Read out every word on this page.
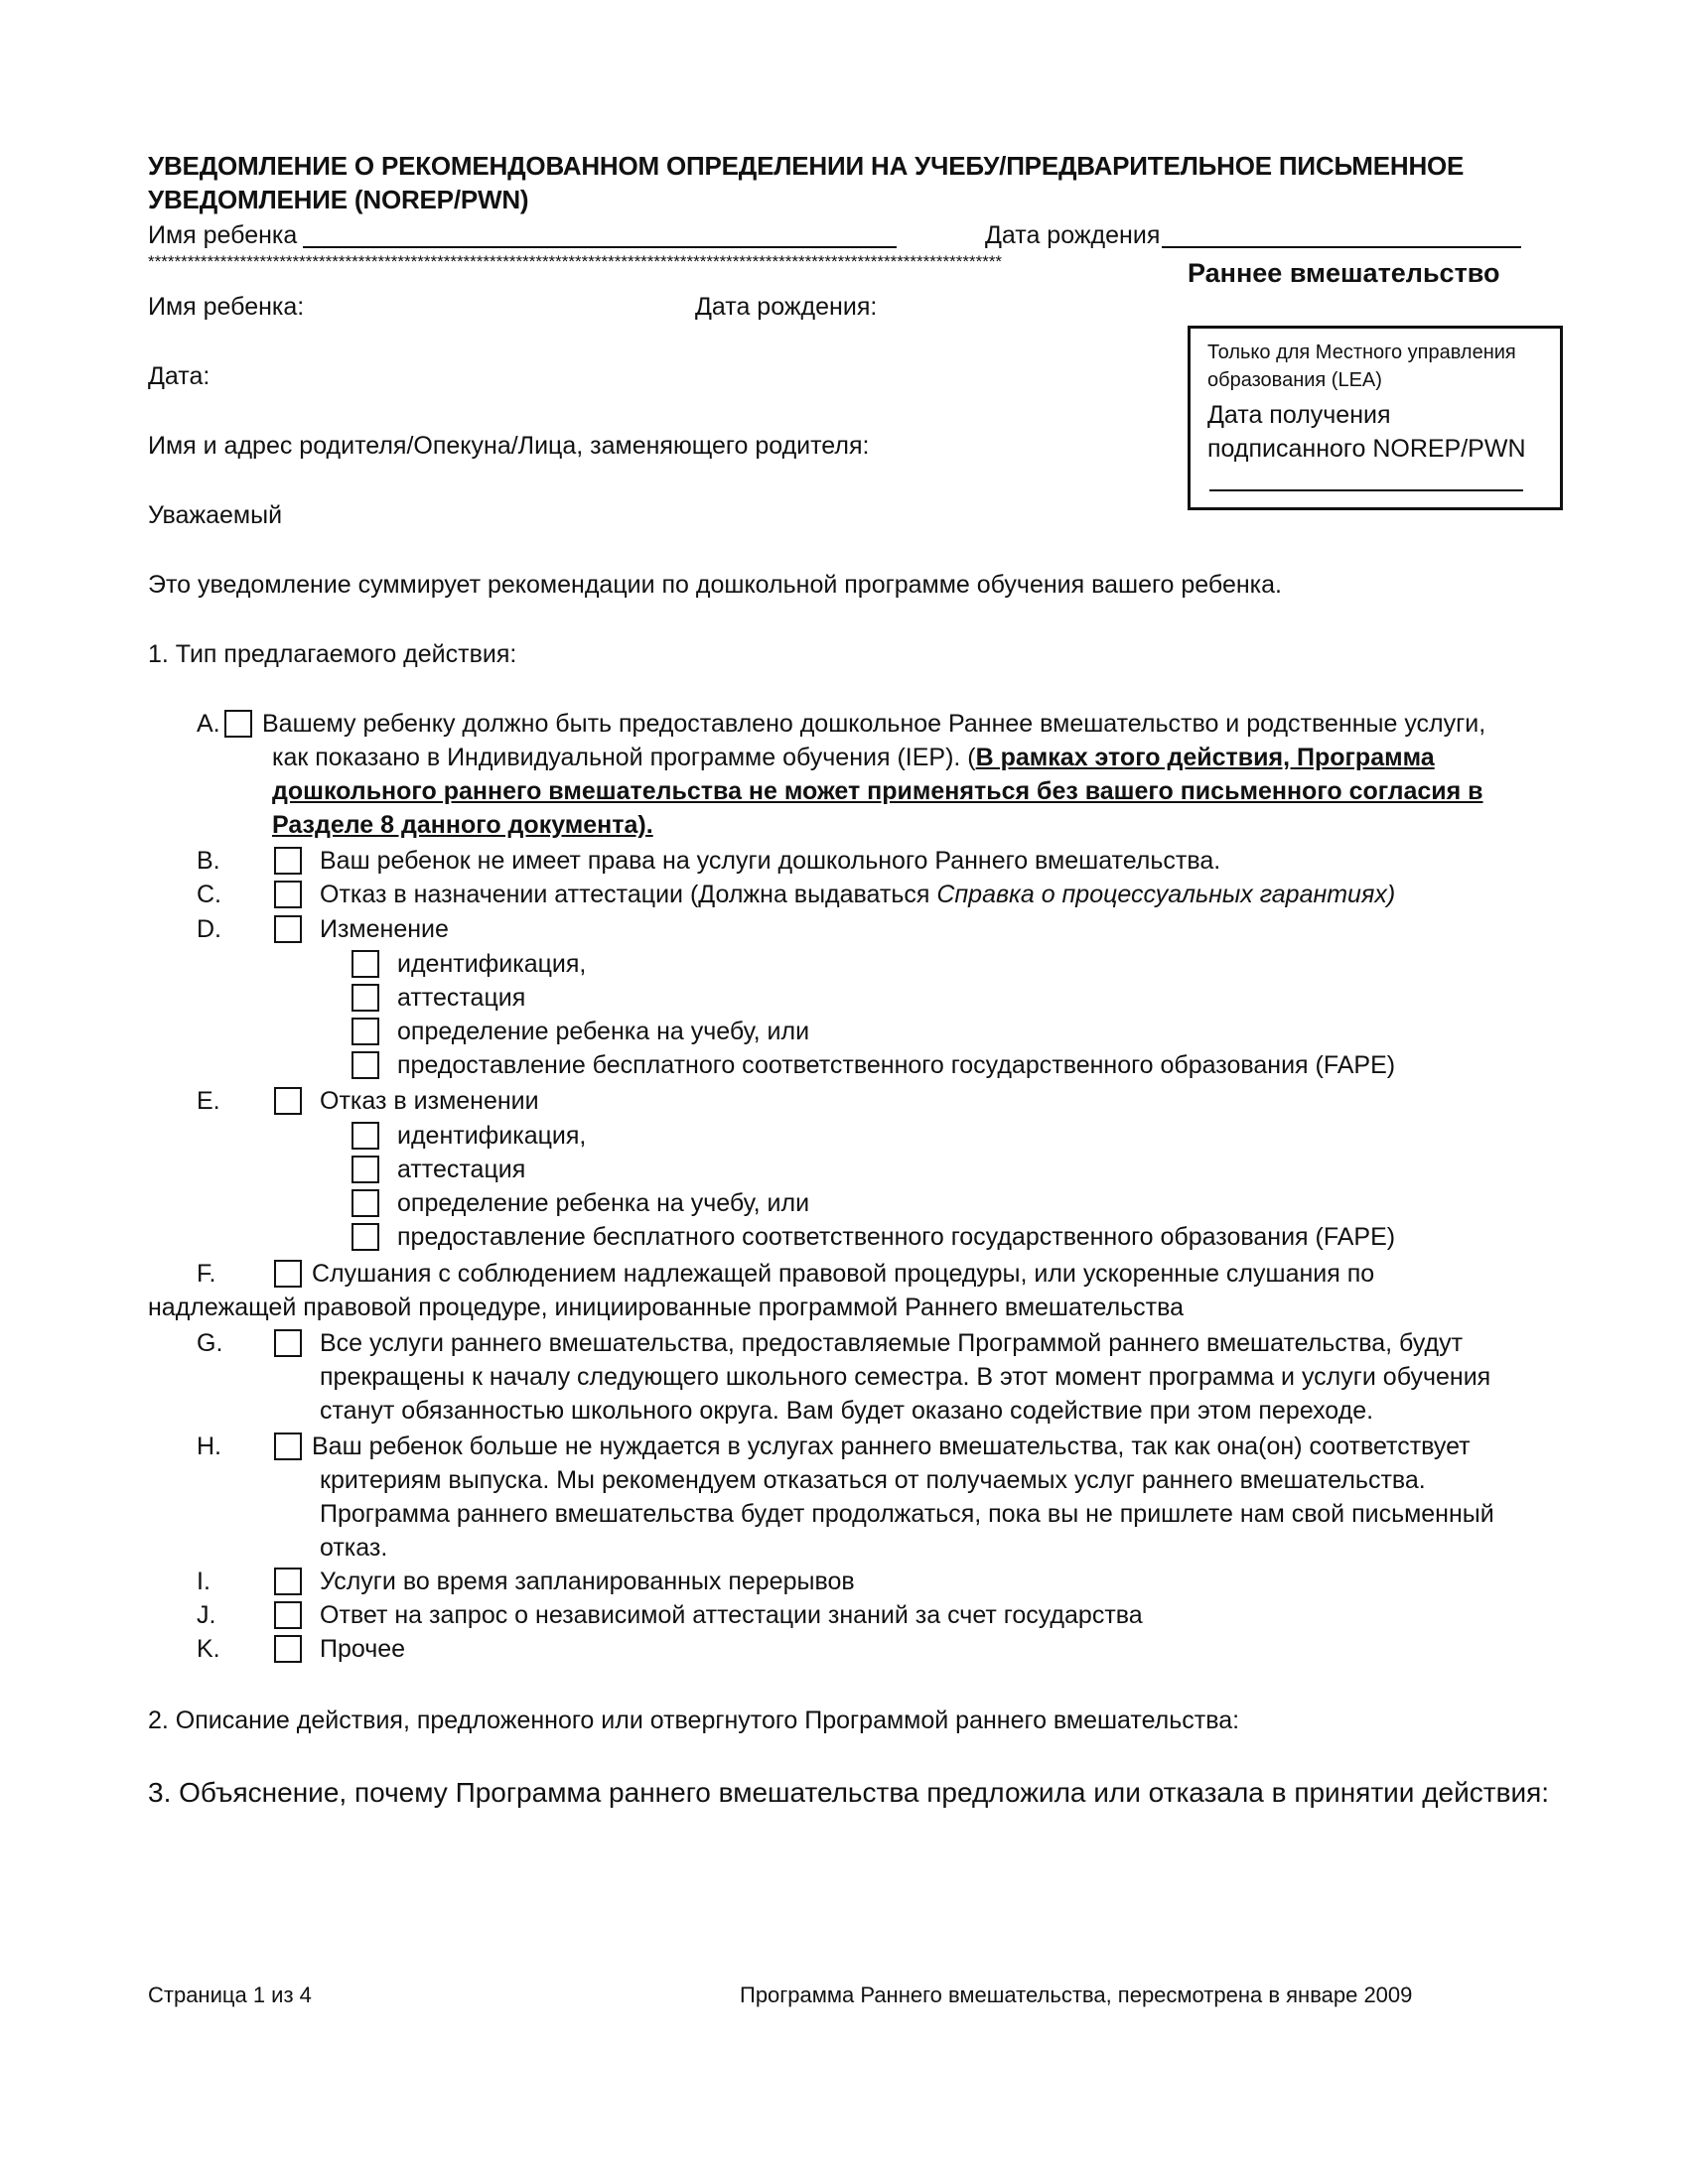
УВЕДОМЛЕНИЕ О РЕКОМЕНДОВАННОМ ОПРЕДЕЛЕНИИ НА УЧЕБУ/ПРЕДВАРИТЕЛЬНОЕ ПИСЬМЕННОЕ
УВЕДОМЛЕНИЕ (NOREP/PWN)
Имя ребенка	Дата рождения
**********************************************************************************************************************************	Раннее вмешательство
Имя ребенка:	Дата рождения:
Дата:
Имя и адрес родителя/Опекуна/Лица, заменяющего родителя:
Уважаемый
Только для Местного управления
образования (LEA)
Дата получения
подписанного NOREP/PWN
Это уведомление суммирует рекомендации по дошкольной программе обучения вашего ребенка.
1. Тип предлагаемого действия:
A. Вашему ребенку должно быть предоставлено дошкольное Раннее вмешательство и родственные услуги,
как показано в Индивидуальной программе обучения (IEP). (В рамках этого действия, Программа
дошкольного раннего вмешательства не может применяться без вашего письменного согласия в
Разделе 8 данного документа).
B.	Ваш ребенок не имеет права на услуги дошкольного Раннего вмешательства.
C.	Отказ в назначении аттестации (Должна выдаваться Справка о процессуальных гарантиях)
D.	Изменение
идентификация,
аттестация
определение ребенка на учебу, или
предоставление бесплатного соответственного государственного образования (FAPE)
E.	Отказ в изменении
идентификация,
аттестация
определение ребенка на учебу, или
предоставление бесплатного соответственного государственного образования (FAPE)
F.	Слушания с соблюдением надлежащей правовой процедуры, или ускоренные слушания по
надлежащей правовой процедуре, инициированные программой Раннего вмешательства
G.	Все услуги раннего вмешательства, предоставляемые Программой раннего вмешательства, будут
прекращены к началу следующего школьного семестра. В этот момент программа и услуги обучения
станут обязанностью школьного округа. Вам будет оказано содействие при этом переходе.
H.	Ваш ребенок больше не нуждается в услугах раннего вмешательства, так как она(он) соответствует
критериям выпуска. Мы рекомендуем отказаться от получаемых услуг раннего вмешательства.
Программа раннего вмешательства будет продолжаться, пока вы не пришлете нам свой письменный
отказ.
I.	Услуги во время запланированных перерывов
J.	Ответ на запрос о независимой аттестации знаний за счет государства
K.	Прочее
2. Описание действия, предложенного или отвергнутого Программой раннего вмешательства:
3. Объяснение, почему Программа раннего вмешательства предложила или отказала в принятии действия:
Страница 1 из 4	Программа Раннего вмешательства, пересмотрена в январе 2009
